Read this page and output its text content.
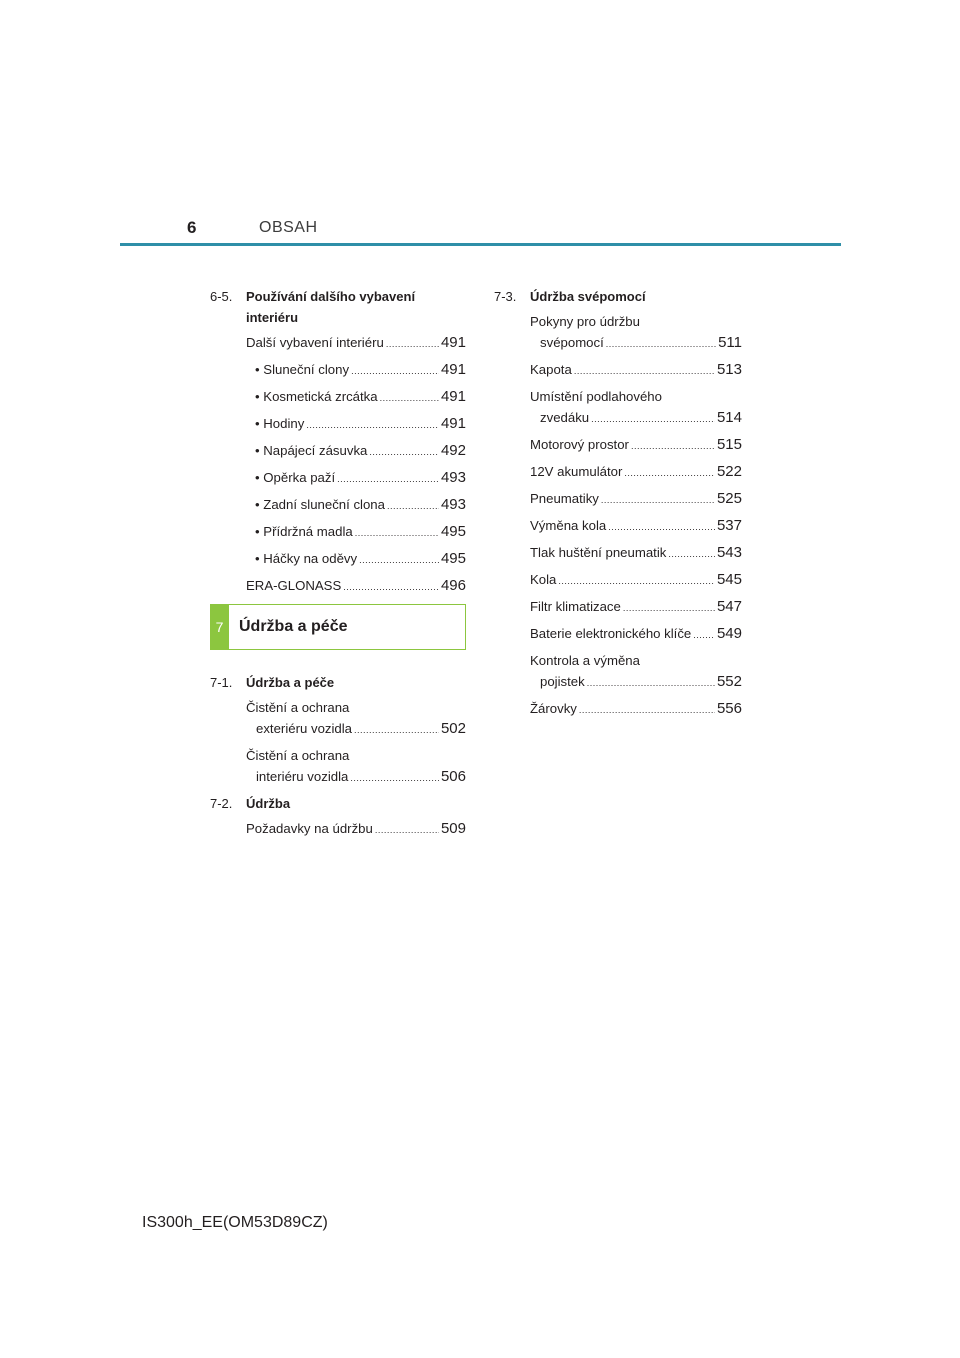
6	OBSAH
6-5. Používání dalšího vybavení
interiéru
Další vybavení interiéru .....	491
• Sluneční clony .....	491
• Kosmetická zrcátka .....	491
• Hodiny .....	491
• Napájecí zásuvka .....	492
• Opěrka paží .....	493
• Zadní sluneční clona .....	493
• Přídržná madla .....	495
• Háčky na oděvy .....	495
ERA-GLONASS .....	496
7 Údržba a péče
7-1. Údržba a péče
Čistění a ochrana
exteriéru vozidla .....	502
Čistění a ochrana
interiéru vozidla .....	506
7-2. Údržba
Požadavky na údržbu .....	509
7-3. Údržba svépomocí
Pokyny pro údržbu
svépomocí .....	511
Kapota .....	513
Umístění podlahového
zvedáku .....	514
Motorový prostor .....	515
12V akumulátor .....	522
Pneumatiky .....	525
Výměna kola .....	537
Tlak huštění pneumatik .....	543
Kola .....	545
Filtr klimatizace .....	547
Baterie elektronického klíče ..... 549
Kontrola a výměna
pojistek .....	552
Žárovky .....	556
IS300h_EE(OM53D89CZ)
